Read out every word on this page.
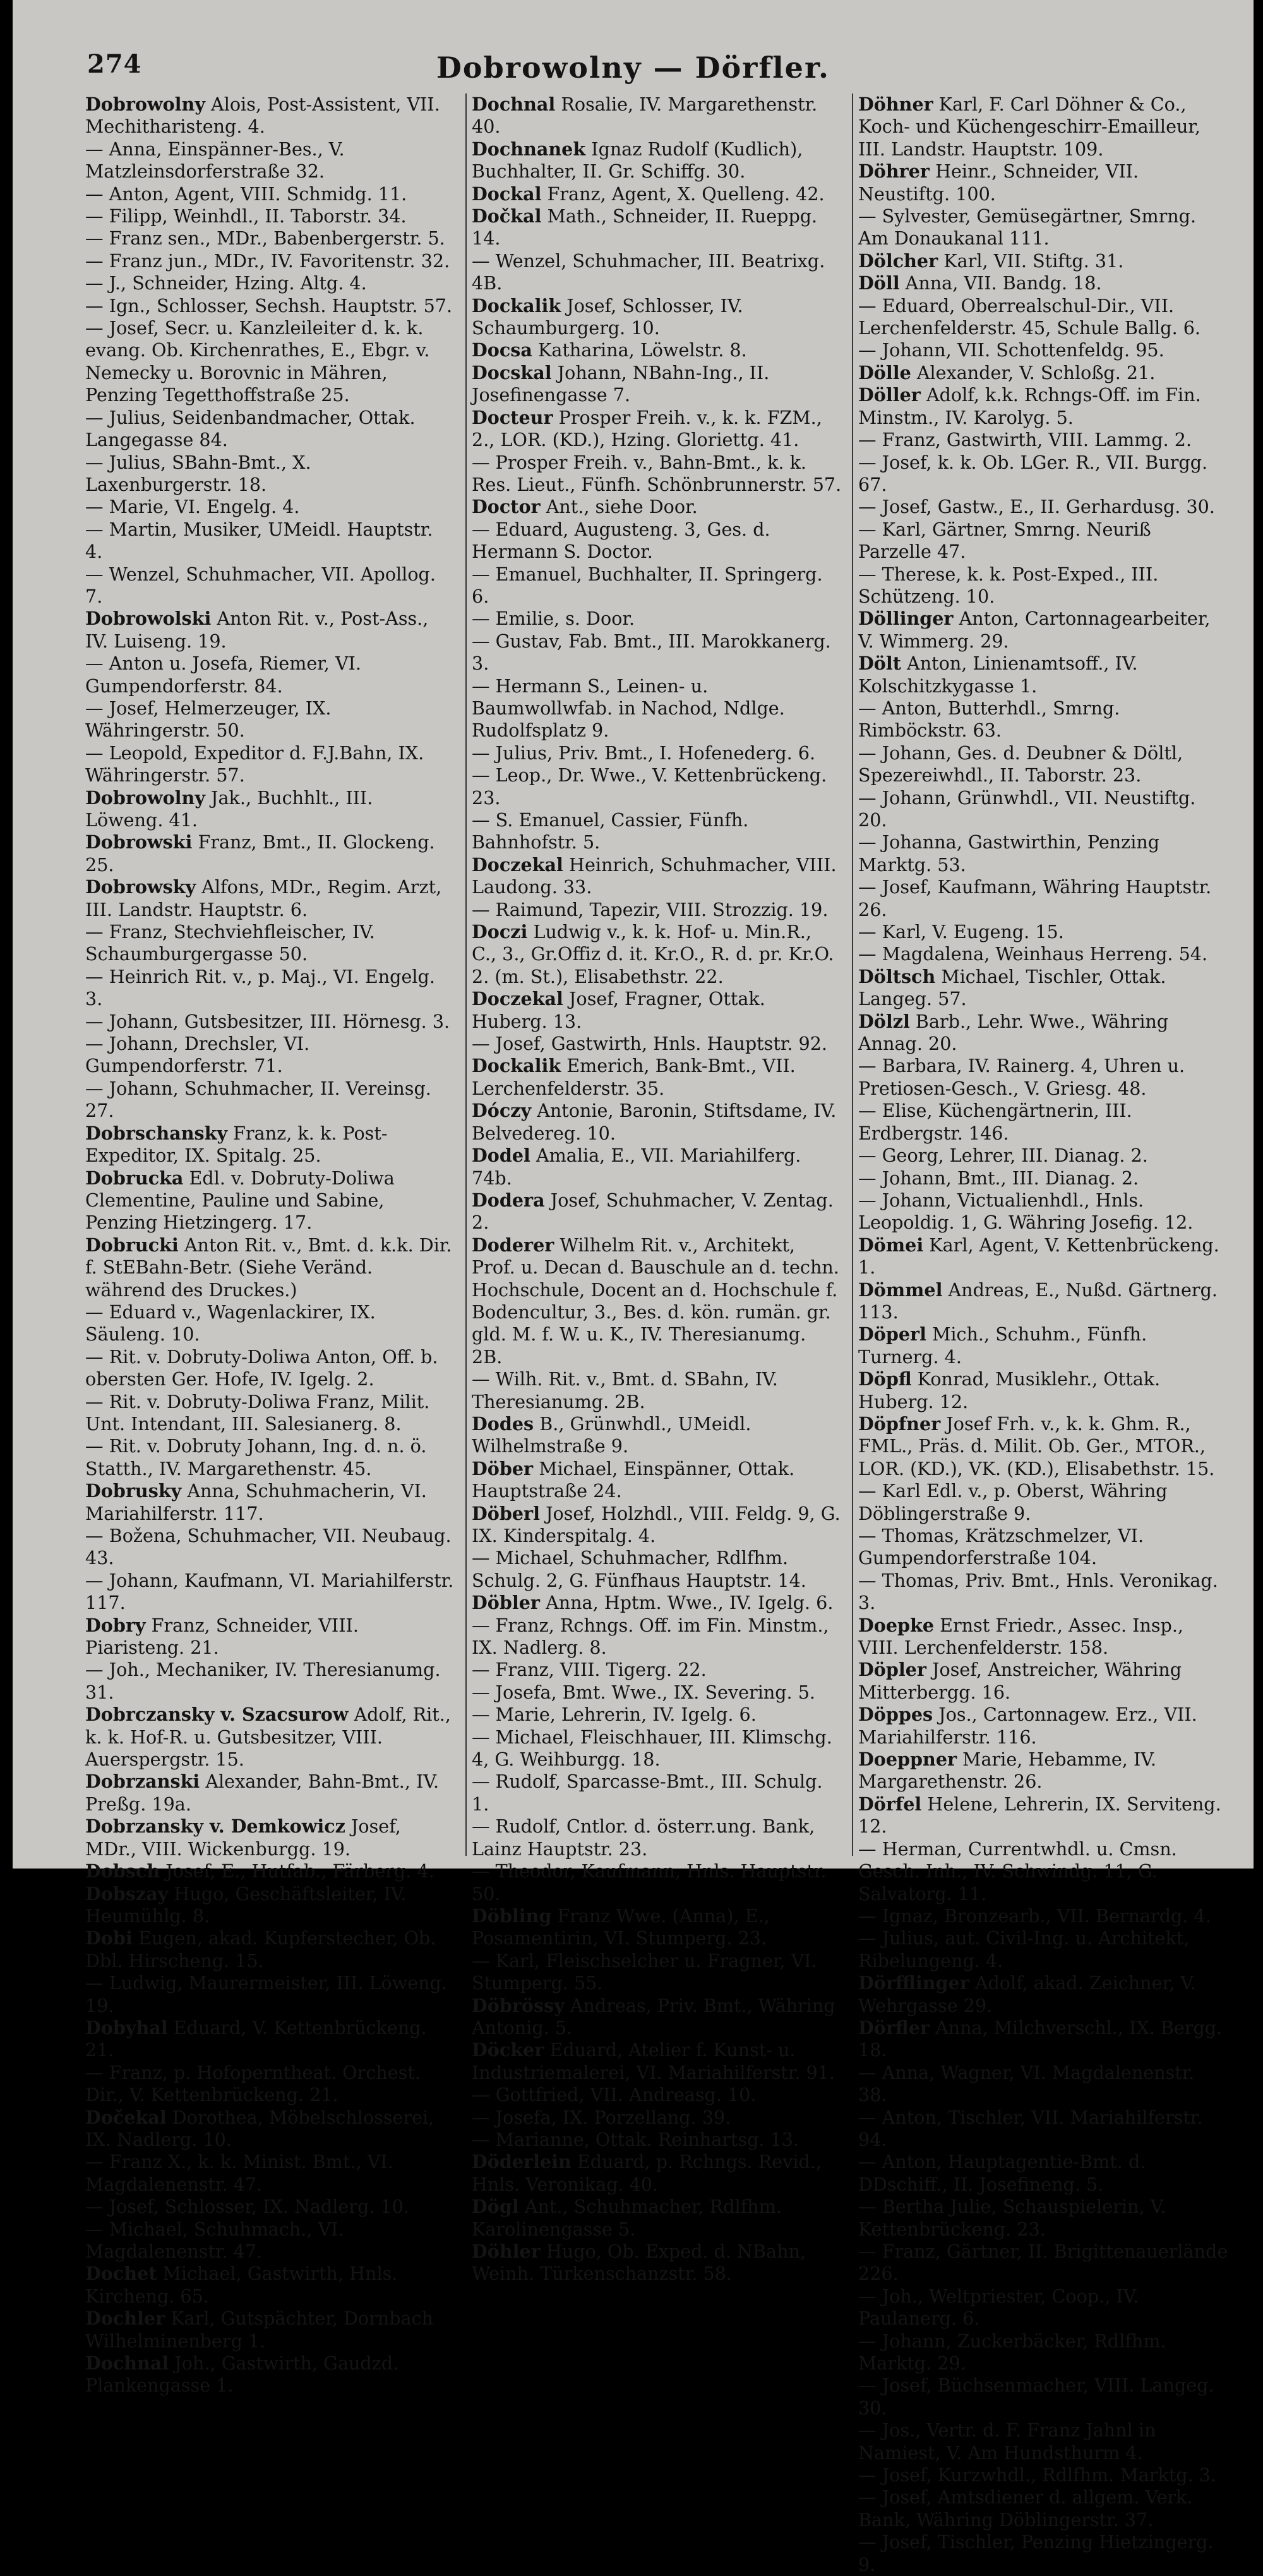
274	Dobrowolny — Dörfler.

Dobrowolny Alois, Post-Assistent, VII. Mechitharisteng. 4.

— Anna, Einspänner-Bes., V. Matzleinsdorferstraße 32.

— Anton, Agent, VIII. Schmidg. 11.

— Filipp, Weinhdl., II. Taborstr. 34.

— Franz sen., MDr., Babenbergerstr. 5.

— Franz jun., MDr., IV. Favoritenstr. 32.

— J., Schneider, Hzing. Altg. 4.

— Ign., Schlosser, Sechsh. Hauptstr. 57.

— Josef, Secr. u. Kanzleileiter d. k. k. evang. Ob. Kirchenrathes, E., Ebgr. v. Nemecky u. Borovnic in Mähren, Penzing Tegetthoffstraße 25.

— Julius, Seidenbandmacher, Ottak. Langegasse 84.

— Julius, SBahn-Bmt., X. Laxenburgerstr. 18.

— Marie, VI. Engelg. 4.

— Martin, Musiker, UMeidl. Hauptstr. 4.

— Wenzel, Schuhmacher, VII. Apollog. 7.

Dobrowolski Anton Rit. v., Post-Ass., IV. Luiseng. 19.

— Anton u. Josefa, Riemer, VI. Gumpendorferstr. 84.

— Josef, Helmerzeuger, IX. Währingerstr. 50.

— Leopold, Expeditor d. F.J.Bahn, IX. Währingerstr. 57.

Dobrowolny Jak., Buchhlt., III. Löweng. 41.

Dobrowski Franz, Bmt., II. Glockeng. 25.

Dobrowsky Alfons, MDr., Regim. Arzt, III. Landstr. Hauptstr. 6.

— Franz, Stechviehfleischer, IV. Schaumburgergasse 50.

— Heinrich Rit. v., p. Maj., VI. Engelg. 3.

— Johann, Gutsbesitzer, III. Hörnesg. 3.

— Johann, Drechsler, VI. Gumpendorferstr. 71.

— Johann, Schuhmacher, II. Vereinsg. 27.

Dobrschansky Franz, k. k. Post-Expeditor, IX. Spitalg. 25.

Dobrucka Edl. v. Dobruty-Doliwa Clementine, Pauline und Sabine, Penzing Hietzingerg. 17.

Dobrucki Anton Rit. v., Bmt. d. k.k. Dir. f. StEBahn-Betr. (Siehe Veränd. während des Druckes.)

— Eduard v., Wagenlackirer, IX. Säuleng. 10.

— Rit. v. Dobruty-Doliwa Anton, Off. b. obersten Ger. Hofe, IV. Igelg. 2.

— Rit. v. Dobruty-Doliwa Franz, Milit. Unt. Intendant, III. Salesianerg. 8.

— Rit. v. Dobruty Johann, Ing. d. n. ö. Statth., IV. Margarethenstr. 45.

Dobrusky Anna, Schuhmacherin, VI. Mariahilferstr. 117.

— Božena, Schuhmacher, VII. Neubaug. 43.

— Johann, Kaufmann, VI. Mariahilferstr. 117.

Dobry Franz, Schneider, VIII. Piaristeng. 21.

— Joh., Mechaniker, IV. Theresianumg. 31.

Dobrczansky v. Szacsurow Adolf, Rit., k. k. Hof-R. u. Gutsbesitzer, VIII. Auerspergstr. 15.

Dobrzanski Alexander, Bahn-Bmt., IV. Preßg. 19a.

Dobrzansky v. Demkowicz Josef, MDr., VIII. Wickenburgg. 19.

Dobsch Josef, E., Hutfab., Färberg. 4.

Dobszay Hugo, Geschäftsleiter, IV. Heumühlg. 8.

Dobi Eugen, akad. Kupferstecher, Ob. Dbl. Hirscheng. 15.

— Ludwig, Maurermeister, III. Löweng. 19.

Dobyhal Eduard, V. Kettenbrückeng. 21.

— Franz, p. Hofopernthеat. Orchest. Dir., V. Kettenbrückeng. 21.

Dočekal Dorothea, Möbelschlosserei, IX. Nadlerg. 10.

— Franz X., k. k. Minist. Bmt., VI. Magdalenenstr. 47.

— Josef, Schlosser, IX. Nadlerg. 10.

— Michael, Schuhmach., VI. Magdalenenstr. 47.

Dochet Michael, Gastwirth, Hnls. Kircheng. 65.

Dochler Karl, Gutspächter, Dornbach Wilhelminenberg 1.

Dochnal Joh., Gastwirth, Gaudzd. Plankengasse 1.

Dochnal Rosalie, IV. Margarethenstr. 40.

Dochnanek Ignaz Rudolf (Kudlich), Buchhalter, II. Gr. Schiffg. 30.

Dockal Franz, Agent, X. Quelleng. 42.

Dočkal Math., Schneider, II. Rueppg. 14.

— Wenzel, Schuhmacher, III. Beatrixg. 4B.

Dockalik Josef, Schlosser, IV. Schaumburgerg. 10.

Docsa Katharina, Löwelstr. 8.

Docskal Johann, NBahn-Ing., II. Josefinengasse 7.

Docteur Prosper Freih. v., k. k. FZM., 2., LOR. (KD.), Hzing. Gloriettg. 41.

— Prosper Freih. v., Bahn-Bmt., k. k. Res. Lieut., Fünfh. Schönbrunnerstr. 57.

Doctor Ant., siehe Door.

— Eduard, Augusteng. 3, Ges. d. Hermann S. Doctor.

— Emanuel, Buchhalter, II. Springerg. 6.

— Emilie, s. Door.

— Gustav, Fab. Bmt., III. Marokkanerg. 3.

— Hermann S., Leinen- u. Baumwollwfab. in Nachod, Ndlge. Rudolfsplatz 9.

— Julius, Priv. Bmt., I. Hofenederg. 6.

— Leop., Dr. Wwe., V. Kettenbrückeng. 23.

— S. Emanuel, Cassier, Fünfh. Bahnhofstr. 5.

Doczekal Heinrich, Schuhmacher, VIII. Laudong. 33.

— Raimund, Tapezir, VIII. Strozzig. 19.

Doczi Ludwig v., k. k. Hof- u. Min.R., C., 3., Gr.Offiz d. it. Kr.O., R. d. pr. Kr.O. 2. (m. St.), Elisabethstr. 22.

Doczekal Josef, Fragner, Ottak. Huberg. 13.

— Josef, Gastwirth, Hnls. Hauptstr. 92.

Dockalik Emerich, Bank-Bmt., VII. Lerchenfelderstr. 35.

Dóczy Antonie, Baronin, Stiftsdame, IV. Belvedereg. 10.

Dodel Amalia, E., VII. Mariahilferg. 74b.

Dodera Josef, Schuhmacher, V. Zentag. 2.

Doderer Wilhelm Rit. v., Architekt, Prof. u. Decan d. Bauschule an d. techn. Hochschule, Docent an d. Hochschule f. Bodencultur, 3., Bes. d. kön. rumän. gr. gld. M. f. W. u. K., IV. Theresianumg. 2B.

— Wilh. Rit. v., Bmt. d. SBahn, IV. Theresianumg. 2B.

Dodes B., Grünwhdl., UMeidl. Wilhelmstraße 9.

Döber Michael, Einspänner, Ottak. Hauptstraße 24.

Döberl Josef, Holzhdl., VIII. Feldg. 9, G. IX. Kinderspitalg. 4.

— Michael, Schuhmacher, Rdlfhm. Schulg. 2, G. Fünfhaus Hauptstr. 14.

Döbler Anna, Hptm. Wwe., IV. Igelg. 6.

— Franz, Rchngs. Off. im Fin. Minstm., IX. Nadlerg. 8.

— Franz, VIII. Tigerg. 22.

— Josefa, Bmt. Wwe., IX. Severing. 5.

— Marie, Lehrerin, IV. Igelg. 6.

— Michael, Fleischhauer, III. Klimschg. 4, G. Weihburgg. 18.

— Rudolf, Sparcasse-Bmt., III. Schulg. 1.

— Rudolf, Cntlor. d. österr.ung. Bank, Lainz Hauptstr. 23.

— Theodor, Kaufmann, Hnls. Hauptstr. 50.

Döbling Franz Wwe. (Anna), E., Posamentirin, VI. Stumperg. 23.

— Karl, Fleischselcher u. Fragner, VI. Stumperg. 55.

Döbrössy Andreas, Priv. Bmt., Währing Antonig. 5.

Döcker Eduard, Atelier f. Kunst- u. Industriemalerei, VI. Mariahilferstr. 91.

— Gottfried, VII. Andreasg. 10.

— Josefa, IX. Porzellang. 39.

— Marianne, Ottak. Reinhartsg. 13.

Döderlein Eduard, p. Rchngs. Revid., Hnls. Veronikag. 40.

Dögl Ant., Schuhmacher, Rdlfhm. Karolinengasse 5.

Döhler Hugo, Ob. Exped. d. NBahn, Weinh. Türkenschanzstr. 58.

Döhner Karl, F. Carl Döhner & Co., Koch- und Küchengeschirr-Emailleur, III. Landstr. Hauptstr. 109.

Döhrer Heinr., Schneider, VII. Neustiftg. 100.

— Sylvester, Gemüsegärtner, Smrng. Am Donaukanal 111.

Dölcher Karl, VII. Stiftg. 31.

Döll Anna, VII. Bandg. 18.

— Eduard, Oberrealschul-Dir., VII. Lerchenfelderstr. 45, Schule Ballg. 6.

— Johann, VII. Schottenfeldg. 95.

Dölle Alexander, V. Schloßg. 21.

Döller Adolf, k.k. Rchngs-Off. im Fin. Minstm., IV. Karolyg. 5.

— Franz, Gastwirth, VIII. Lammg. 2.

— Josef, k. k. Ob. LGer. R., VII. Burgg. 67.

— Josef, Gastw., E., II. Gerhardusg. 30.

— Karl, Gärtner, Smrng. Neuriß Parzelle 47.

— Therese, k. k. Post-Exped., III. Schützeng. 10.

Döllinger Anton, Cartonnagearbeiter, V. Wimmerg. 29.

Dölt Anton, Linienamtsoff., IV. Kolschitzkygasse 1.

— Anton, Butterhdl., Smrng. Rimböckstr. 63.

— Johann, Ges. d. Deubner & Döltl, Spezereiwhdl., II. Taborstr. 23.

— Johann, Grünwhdl., VII. Neustiftg. 20.

— Johanna, Gastwirthin, Penzing Marktg. 53.

— Josef, Kaufmann, Währing Hauptstr. 26.

— Karl, V. Eugeng. 15.

— Magdalena, Weinhaus Herreng. 54.

Döltsch Michael, Tischler, Ottak. Langeg. 57.

Dölzl Barb., Lehr. Wwe., Währing Annag. 20.

— Barbara, IV. Rainerg. 4, Uhren u. Pretiosen-Gesch., V. Griesg. 48.

— Elise, Küchengärtnerin, III. Erdbergstr. 146.

— Georg, Lehrer, III. Dianag. 2.

— Johann, Bmt., III. Dianag. 2.

— Johann, Victualienhdl., Hnls. Leopoldig. 1, G. Währing Josefig. 12.

Dömei Karl, Agent, V. Kettenbrückeng. 1.

Dömmel Andreas, E., Nußd. Gärtnerg. 113.

Döperl Mich., Schuhm., Fünfh. Turnerg. 4.

Döpfl Konrad, Musiklehr., Ottak. Huberg. 12.

Döpfner Josef Frh. v., k. k. Ghm. R., FML., Präs. d. Milit. Ob. Ger., MTOR., LOR. (KD.), VK. (KD.), Elisabethstr. 15.

— Karl Edl. v., p. Oberst, Währing Döblingerstraße 9.

— Thomas, Krätzschmelzer, VI. Gumpendorferstraße 104.

— Thomas, Priv. Bmt., Hnls. Veronikag. 3.

Doepke Ernst Friedr., Assec. Insp., VIII. Lerchenfelderstr. 158.

Döpler Josef, Anstreicher, Währing Mitterbergg. 16.

Döppes Jos., Cartonnagew. Erz., VII. Mariahilferstr. 116.

Doeppner Marie, Hebamme, IV. Margarethenstr. 26.

Dörfel Helene, Lehrerin, IX. Serviteng. 12.

— Herman, Currentwhdl. u. Cmsn. Gesch. Inh., IV. Schwindg. 11, G. Salvatorg. 11.

— Ignaz, Bronzearb., VII. Bernardg. 4.

— Julius, aut. Civil-Ing. u. Architekt, Ribelungeng. 4.

Dörfflinger Adolf, akad. Zeichner, V. Wehrgasse 29.

Dörfler Anna, Milchverschl., IX. Bergg. 18.

— Anna, Wagner, VI. Magdalenenstr. 38.

— Anton, Tischler, VII. Mariahilferstr. 94.

— Anton, Hauptagentie-Bmt. d. DDschiff., II. Josefineng. 5.

— Bertha Julie, Schauspielerin, V. Kettenbrückeng. 23.

— Franz, Gärtner, II. Brigittenauerlände 226.

— Joh., Weltpriester, Coop., IV. Paulanerg. 6.

— Johann, Zuckerbäcker, Rdlfhm. Marktg. 29.

— Josef, Büchsenmacher, VIII. Langeg. 30.

— Jos., Vertr. d. F. Franz Jahnl in Namiest, V. Am Hundsthurm 4.

— Josef, Kurzwhdl., Rdlfhm. Marktg. 3.

— Josef, Amtsdiener d. allgem. Verk. Bank, Währing Döblingerstr. 37.

— Josef, Tischler, Penzing Hietzingerg. 9.
